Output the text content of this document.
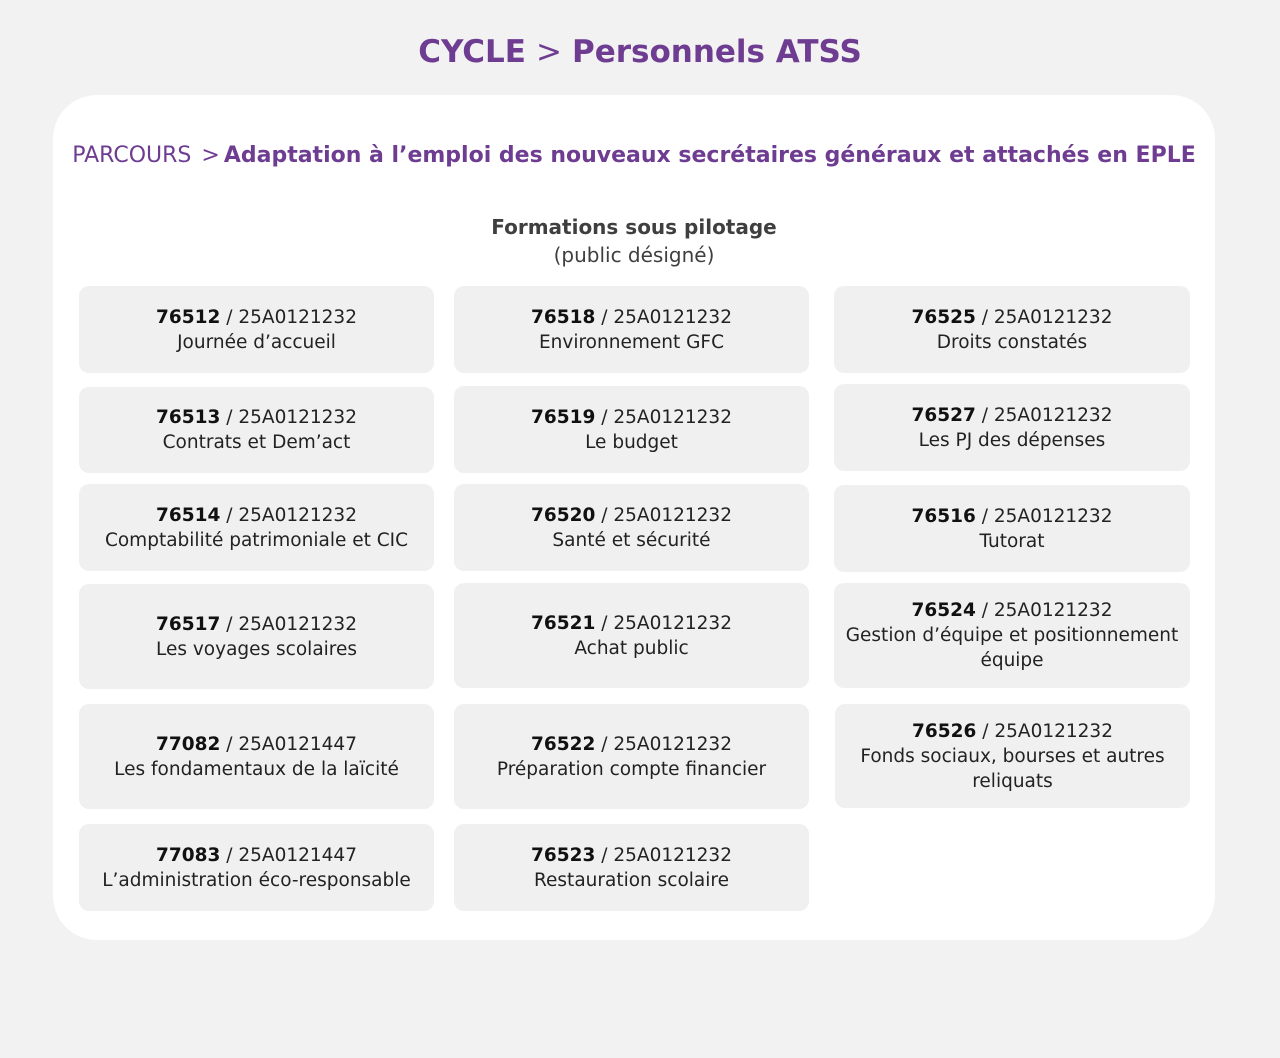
CYCLE > Personnels ATSS
PARCOURS > Adaptation à l’emploi des nouveaux secrétaires généraux et attachés en EPLE
Formations sous pilotage
(public désigné)
76512 / 25A0121232
Journée d’accueil
76513 / 25A0121232
Contrats et Dem’act
76514 / 25A0121232
Comptabilité patrimoniale et CIC
76517 / 25A0121232
Les voyages scolaires
77082 / 25A0121447
Les fondamentaux de la laïcité
77083 / 25A0121447
L’administration éco-responsable
76518 / 25A0121232
Environnement GFC
76519 / 25A0121232
Le budget
76520 / 25A0121232
Santé et sécurité
76521 / 25A0121232
Achat public
76522 / 25A0121232
Préparation compte financier
76523 / 25A0121232
Restauration scolaire
76525 / 25A0121232
Droits constatés
76527 / 25A0121232
Les PJ des dépenses
76516 / 25A0121232
Tutorat
76524 / 25A0121232
Gestion d’équipe et positionnement équipe
76526 / 25A0121232
Fonds sociaux, bourses et autres reliquats
